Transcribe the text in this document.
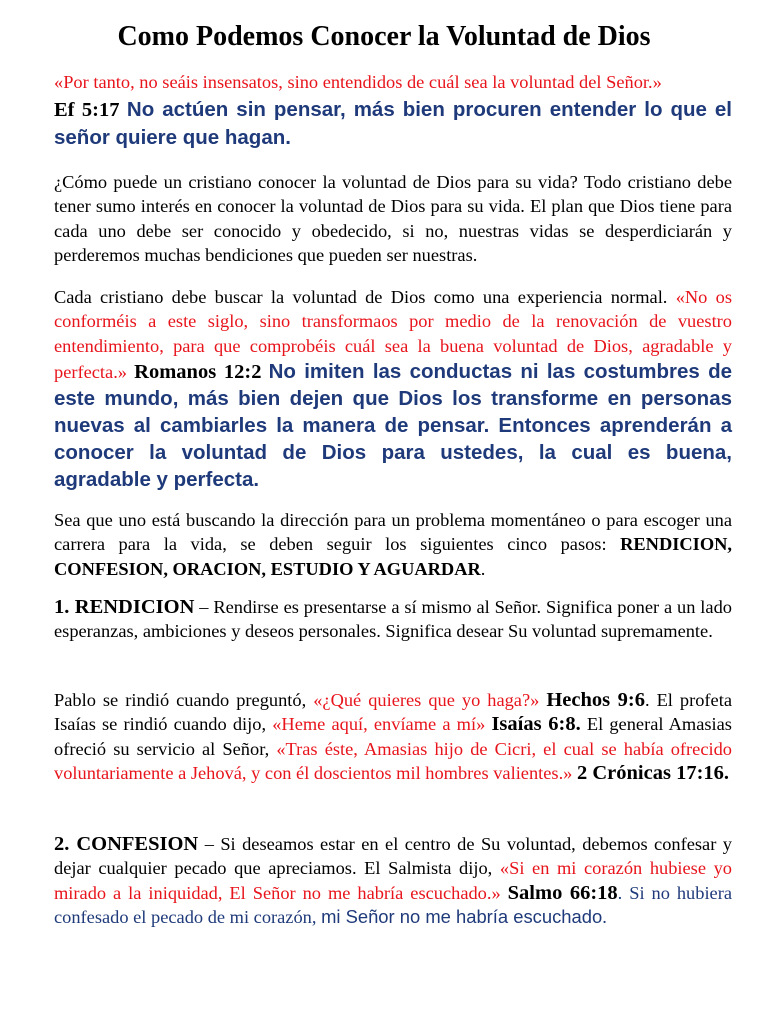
Como Podemos Conocer la Voluntad de Dios
«Por tanto, no seáis insensatos, sino entendidos de cuál sea la voluntad del Señor.»
Ef 5:17 No actúen sin pensar, más bien procuren entender lo que el señor quiere que hagan.
¿Cómo puede un cristiano conocer la voluntad de Dios para su vida? Todo cristiano debe tener sumo interés en conocer la voluntad de Dios para su vida. El plan que Dios tiene para cada uno debe ser conocido y obedecido, si no, nuestras vidas se desperdiciarán y perderemos muchas bendiciones que pueden ser nuestras.
Cada cristiano debe buscar la voluntad de Dios como una experiencia normal. «No os conforméis a este siglo, sino transformaos por medio de la renovación de vuestro entendimiento, para que comprobéis cuál sea la buena voluntad de Dios, agradable y perfecta.» Romanos 12:2 No imiten las conductas ni las costumbres de este mundo, más bien dejen que Dios los transforme en personas nuevas al cambiarles la manera de pensar. Entonces aprenderán a conocer la voluntad de Dios para ustedes, la cual es buena, agradable y perfecta.
Sea que uno está buscando la dirección para un problema momentáneo o para escoger una carrera para la vida, se deben seguir los siguientes cinco pasos: RENDICION, CONFESION, ORACION, ESTUDIO Y AGUARDAR.
1. RENDICION – Rendirse es presentarse a sí mismo al Señor. Significa poner a un lado esperanzas, ambiciones y deseos personales. Significa desear Su voluntad supremamente.
Pablo se rindió cuando preguntó, «¿Qué quieres que yo haga?» Hechos 9:6. El profeta Isaías se rindió cuando dijo, «Heme aquí, envíame a mí» Isaías 6:8. El general Amasias ofreció su servicio al Señor, «Tras éste, Amasias hijo de Cicri, el cual se había ofrecido voluntariamente a Jehová, y con él doscientos mil hombres valientes.» 2 Crónicas 17:16.
2. CONFESION – Si deseamos estar en el centro de Su voluntad, debemos confesar y dejar cualquier pecado que apreciamos. El Salmista dijo, «Si en mi corazón hubiese yo mirado a la iniquidad, El Señor no me habría escuchado.» Salmo 66:18. Si no hubiera confesado el pecado de mi corazón, mi Señor no me habría escuchado.
